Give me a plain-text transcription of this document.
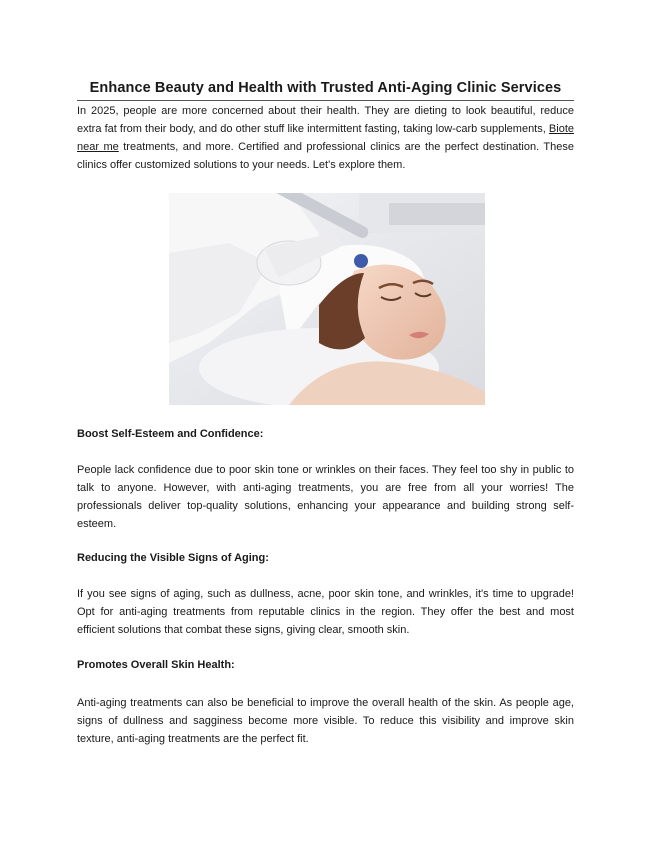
Enhance Beauty and Health with Trusted Anti-Aging Clinic Services

In 2025, people are more concerned about their health. They are dieting to look beautiful, reduce extra fat from their body, and do other stuff like intermittent fasting, taking low-carb supplements, Biote near me treatments, and more. Certified and professional clinics are the perfect destination. These clinics offer customized solutions to your needs. Let's explore them.

Boost Self-Esteem and Confidence:

People lack confidence due to poor skin tone or wrinkles on their faces. They feel too shy in public to talk to anyone. However, with anti-aging treatments, you are free from all your worries! The professionals deliver top-quality solutions, enhancing your appearance and building strong self-esteem.

Reducing the Visible Signs of Aging:

If you see signs of aging, such as dullness, acne, poor skin tone, and wrinkles, it's time to upgrade! Opt for anti-aging treatments from reputable clinics in the region. They offer the best and most efficient solutions that combat these signs, giving clear, smooth skin.

Promotes Overall Skin Health:

Anti-aging treatments can also be beneficial to improve the overall health of the skin. As people age, signs of dullness and sagginess become more visible. To reduce this visibility and improve skin texture, anti-aging treatments are the perfect fit.
